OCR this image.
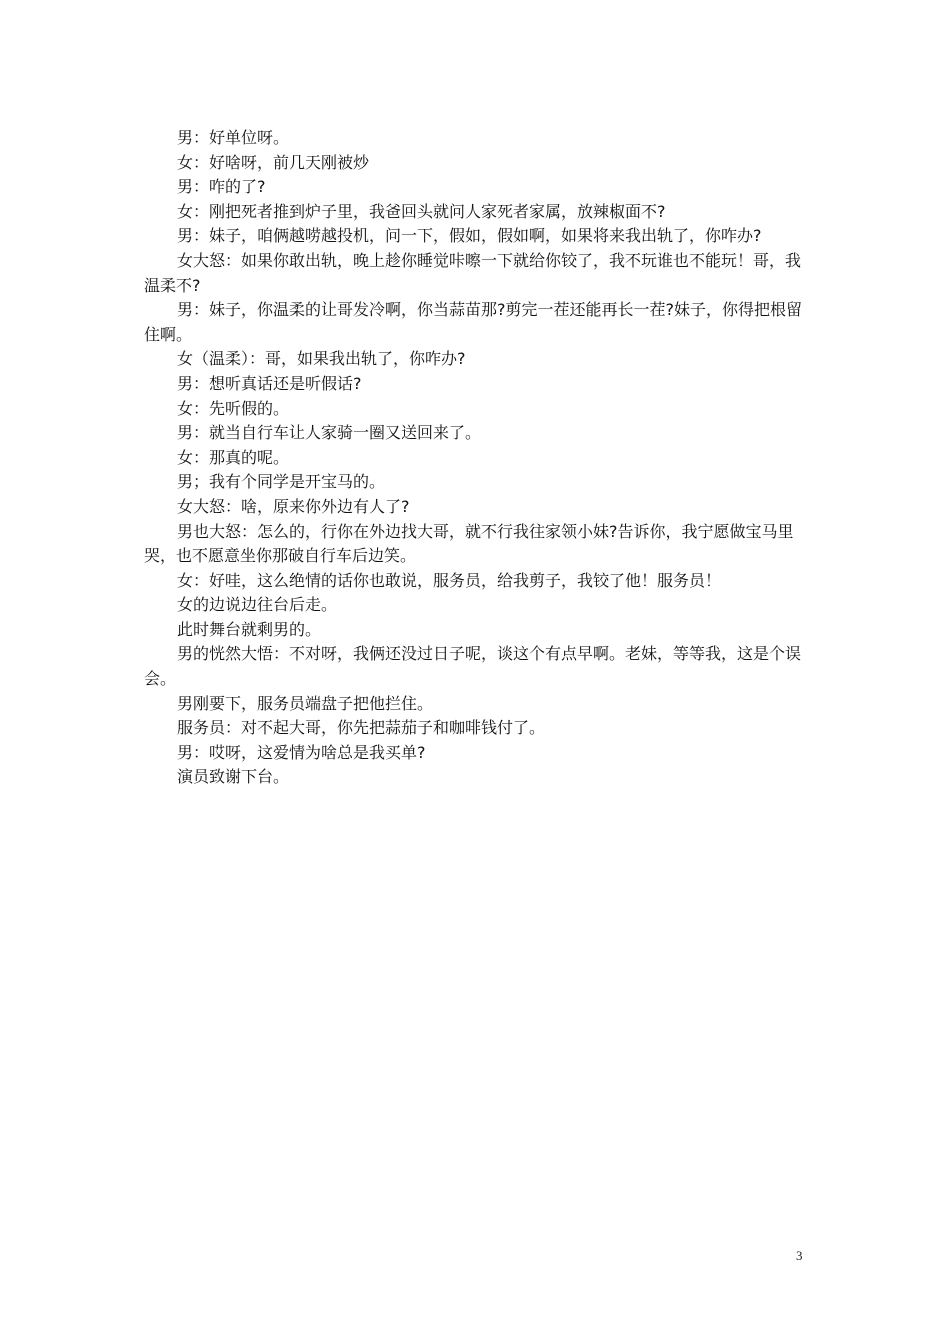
男：好单位呀。

女：好啥呀，前几天刚被炒

男：咋的了?

女：刚把死者推到炉子里，我爸回头就问人家死者家属，放辣椒面不?

男：妹子，咱俩越唠越投机，问一下，假如，假如啊，如果将来我出轨了，你咋办?

女大怒：如果你敢出轨，晚上趁你睡觉咔嚓一下就给你铰了，我不玩谁也不能玩！哥，我温柔不?

男：妹子，你温柔的让哥发冷啊，你当蒜苗那?剪完一茬还能再长一茬?妹子，你得把根留住啊。

女（温柔）：哥，如果我出轨了，你咋办?

男：想听真话还是听假话?

女：先听假的。

男：就当自行车让人家骑一圈又送回来了。

女：那真的呢。

男；我有个同学是开宝马的。

女大怒：啥，原来你外边有人了?

男也大怒：怎么的，行你在外边找大哥，就不行我往家领小妹?告诉你，我宁愿做宝马里哭，也不愿意坐你那破自行车后边笑。

女：好哇，这么绝情的话你也敢说，服务员，给我剪子，我铰了他！服务员！

女的边说边往台后走。

此时舞台就剩男的。

男的恍然大悟：不对呀，我俩还没过日子呢，谈这个有点早啊。老妹，等等我，这是个误会。

男刚要下，服务员端盘子把他拦住。

服务员：对不起大哥，你先把蒜茄子和咖啡钱付了。

男：哎呀，这爱情为啥总是我买单?

演员致谢下台。

3
